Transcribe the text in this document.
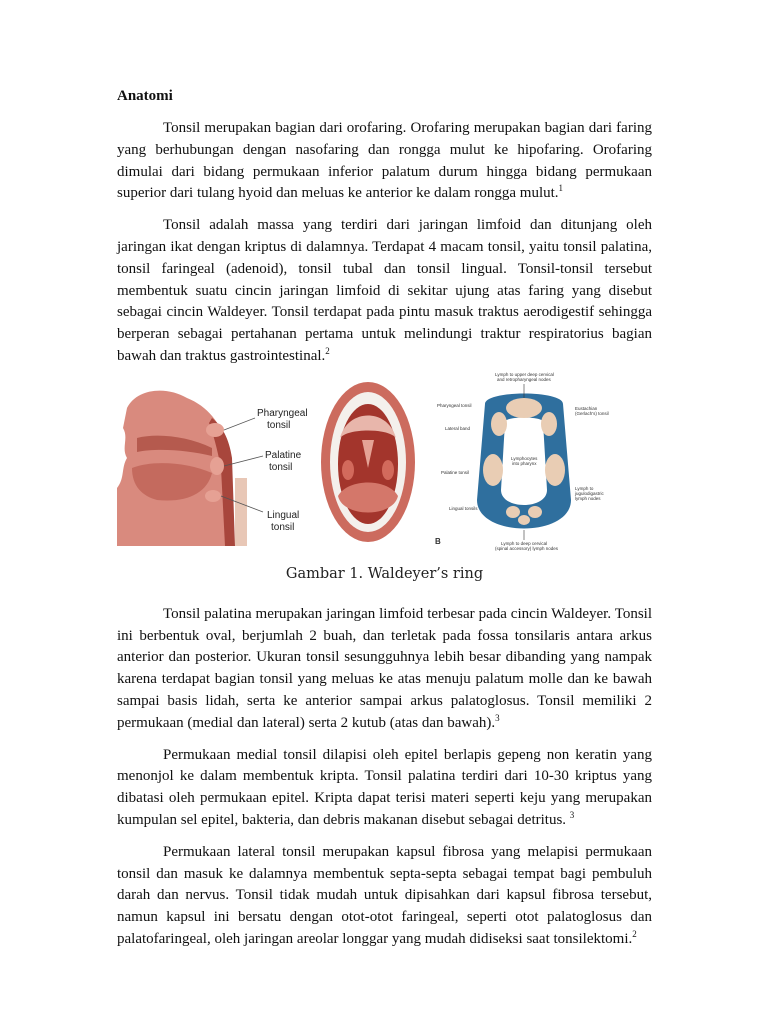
Anatomi

Tonsil merupakan bagian dari orofaring. Orofaring merupakan bagian dari faring yang berhubungan dengan nasofaring dan rongga mulut ke hipofaring. Orofaring dimulai dari bidang permukaan inferior palatum durum hingga bidang permukaan superior dari tulang hyoid dan meluas ke anterior ke dalam rongga mulut.$^1$

Tonsil adalah massa yang terdiri dari jaringan limfoid dan ditunjang oleh jaringan ikat dengan kriptus di dalamnya. Terdapat 4 macam tonsil, yaitu tonsil palatina, tonsil faringeal (adenoid), tonsil tubal dan tonsil lingual. Tonsil-tonsil tersebut membentuk suatu cincin jaringan limfoid di sekitar ujung atas faring yang disebut sebagai cincin Waldeyer. Tonsil terdapat pada pintu masuk traktus aerodigestif sehingga berperan sebagai pertahanan pertama untuk melindungi traktur respiratorius bagian bawah dan traktus gastrointestinal.$^2$

Pharyngeal
tonsil
Palatine
tonsil
Lingual
tonsil
Lymph to upper deep cervical
and retropharyngeal nodes
Pharyngeal tonsil
Lateral band
Palatine tonsil
Lingual tonsils
Eustachian
(Gerlach's) tonsil
Lymphocytes
into pharynx
Lymph to
jugulodigastric
lymph nodes
Lymph to deep cervical
(spinal accessory) lymph nodes
B
Gambar 1. Waldeyer’s ring

Tonsil palatina merupakan jaringan limfoid terbesar pada cincin Waldeyer. Tonsil ini berbentuk oval, berjumlah 2 buah, dan terletak pada fossa tonsilaris antara arkus anterior dan posterior. Ukuran tonsil sesungguhnya lebih besar dibanding yang nampak karena terdapat bagian tonsil yang meluas ke atas menuju palatum molle dan ke bawah sampai basis lidah, serta ke anterior sampai arkus palatoglosus. Tonsil memiliki 2 permukaan (medial dan lateral) serta 2 kutub (atas dan bawah).$^3$

Permukaan medial tonsil dilapisi oleh epitel berlapis gepeng non keratin yang menonjol ke dalam membentuk kripta. Tonsil palatina terdiri dari 10-30 kriptus yang dibatasi oleh permukaan epitel. Kripta dapat terisi materi seperti keju yang merupakan kumpulan sel epitel, bakteria, dan debris makanan disebut sebagai detritus. $^3$

Permukaan lateral tonsil merupakan kapsul fibrosa yang melapisi permukaan tonsil dan masuk ke dalamnya membentuk septa-septa sebagai tempat bagi pembuluh darah dan nervus. Tonsil tidak mudah untuk dipisahkan dari kapsul fibrosa tersebut, namun kapsul ini bersatu dengan otot-otot faringeal, seperti otot palatoglosus dan palatofaringeal, oleh jaringan areolar longgar yang mudah didiseksi saat tonsilektomi.$^2$
